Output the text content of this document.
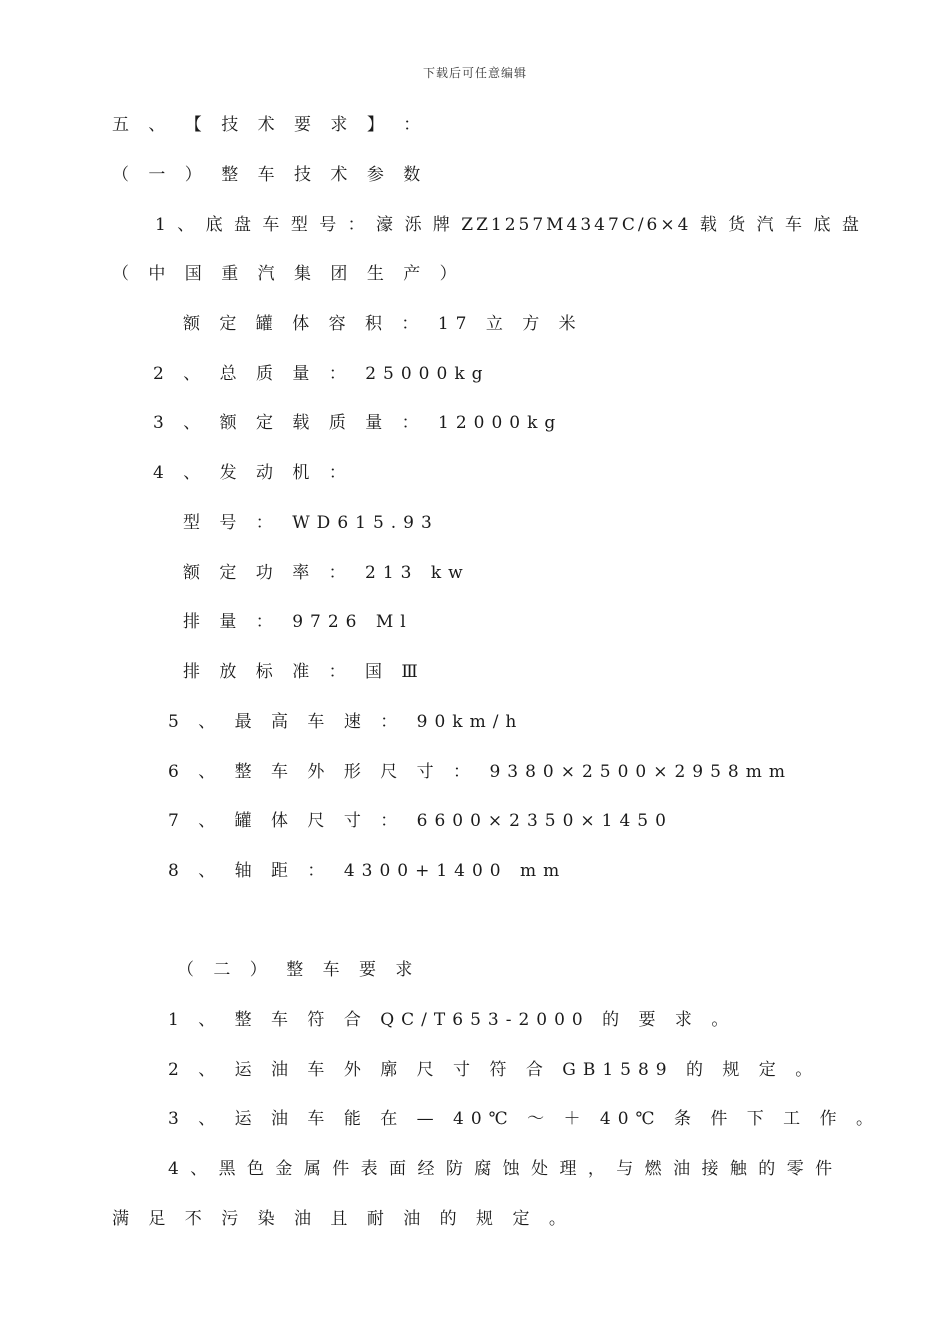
下载后可任意编辑
五 、 【 技 术 要 求 】 ：
（ 一 ） 整 车 技 术 参 数
1 、 底 盘 车 型 号 ： 濠 泺 牌 ZZ1257M4347C/6×4 载 货 汽 车 底 盘
（ 中 国 重 汽 集 团 生 产 ）
额 定 罐 体 容 积 ： 17 立 方 米
2 、 总 质 量 ： 25000kg
3 、 额 定 载 质 量 ： 12000kg
4 、 发 动 机 ：
型 号 ： WD615.93
额 定 功 率 ： 213 kw
排 量 ： 9726 Ml
排 放 标 准 ： 国 Ⅲ
5 、 最 高 车 速 ： 90km/h
6 、 整 车 外 形 尺 寸 ： 9380×2500×2958mm
7 、 罐 体 尺 寸 ： 6600×2350×1450
8 、 轴 距 ： 4300+1400 mm
（ 二 ） 整 车 要 求
1 、 整 车 符 合 QC/T653-2000 的 要 求 。
2 、 运 油 车 外 廓 尺 寸 符 合 GB1589 的 规 定 。
3 、 运 油 车 能 在 — 40℃ ～ ＋ 40℃ 条 件 下 工 作 。
4 、 黑 色 金 属 件 表 面 经 防 腐 蚀 处 理 ， 与 燃 油 接 触 的 零 件
满 足 不 污 染 油 且 耐 油 的 规 定 。
